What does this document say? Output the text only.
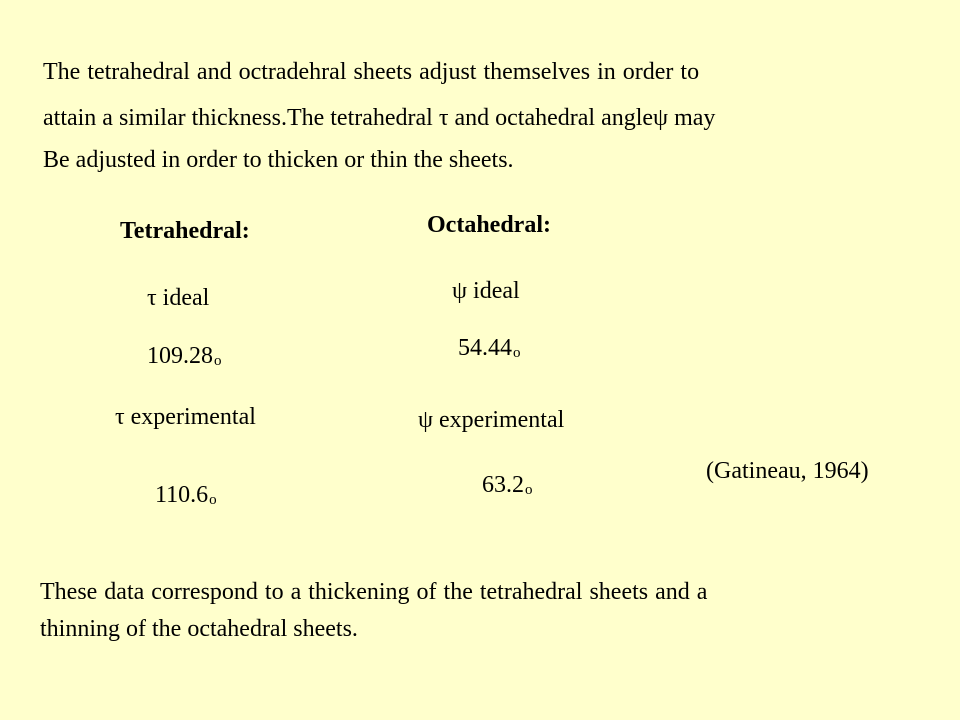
The tetrahedral and octradehral sheets adjust themselves in order to
attain a similar thickness.The tetrahedral τ and octahedral angleψ may
Be adjusted in order to thicken or thin the sheets.
Tetrahedral:
τ ideal
109.28o
τ experimental
110.6o
Octahedral:
ψ ideal
54.44o
ψ experimental
63.2o
(Gatineau, 1964)
These data correspond to a thickening of the tetrahedral sheets and a
thinning of the octahedral sheets.
